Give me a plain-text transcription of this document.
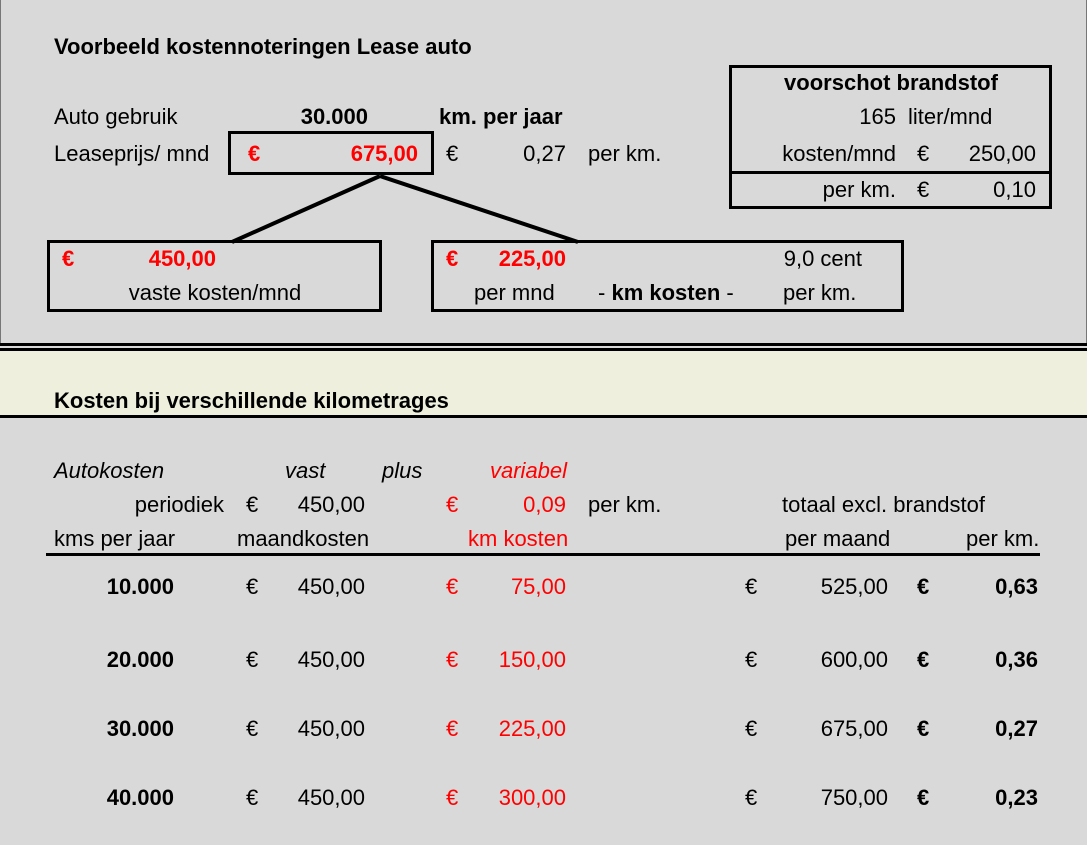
Voorbeeld kostennoteringen Lease auto
Auto gebruik	30.000	km. per jaar
Leaseprijs/ mnd €	675,00 €	0,27 per km.
voorschot brandstof
165 liter/mnd
kosten/mnd €	250,00
per km. €	0,10
€	450,00
vaste kosten/mnd
€	225,00
per mnd - km kosten -
9,0 cent
per km.
Kosten bij verschillende kilometrages
Autokosten	vast	plus	variabel
periodiek €	450,00	€	0,09 per km.	totaal excl. brandstof
kms per jaar	maandkosten	km kosten	per maand	per km.
10.000	€	450,00	€	75,00	€	525,00 €	0,63
20.000	€	450,00	€	150,00	€	600,00 €	0,36
30.000	€	450,00	€	225,00	€	675,00 €	0,27
40.000	€	450,00	€	300,00	€	750,00 €	0,23
